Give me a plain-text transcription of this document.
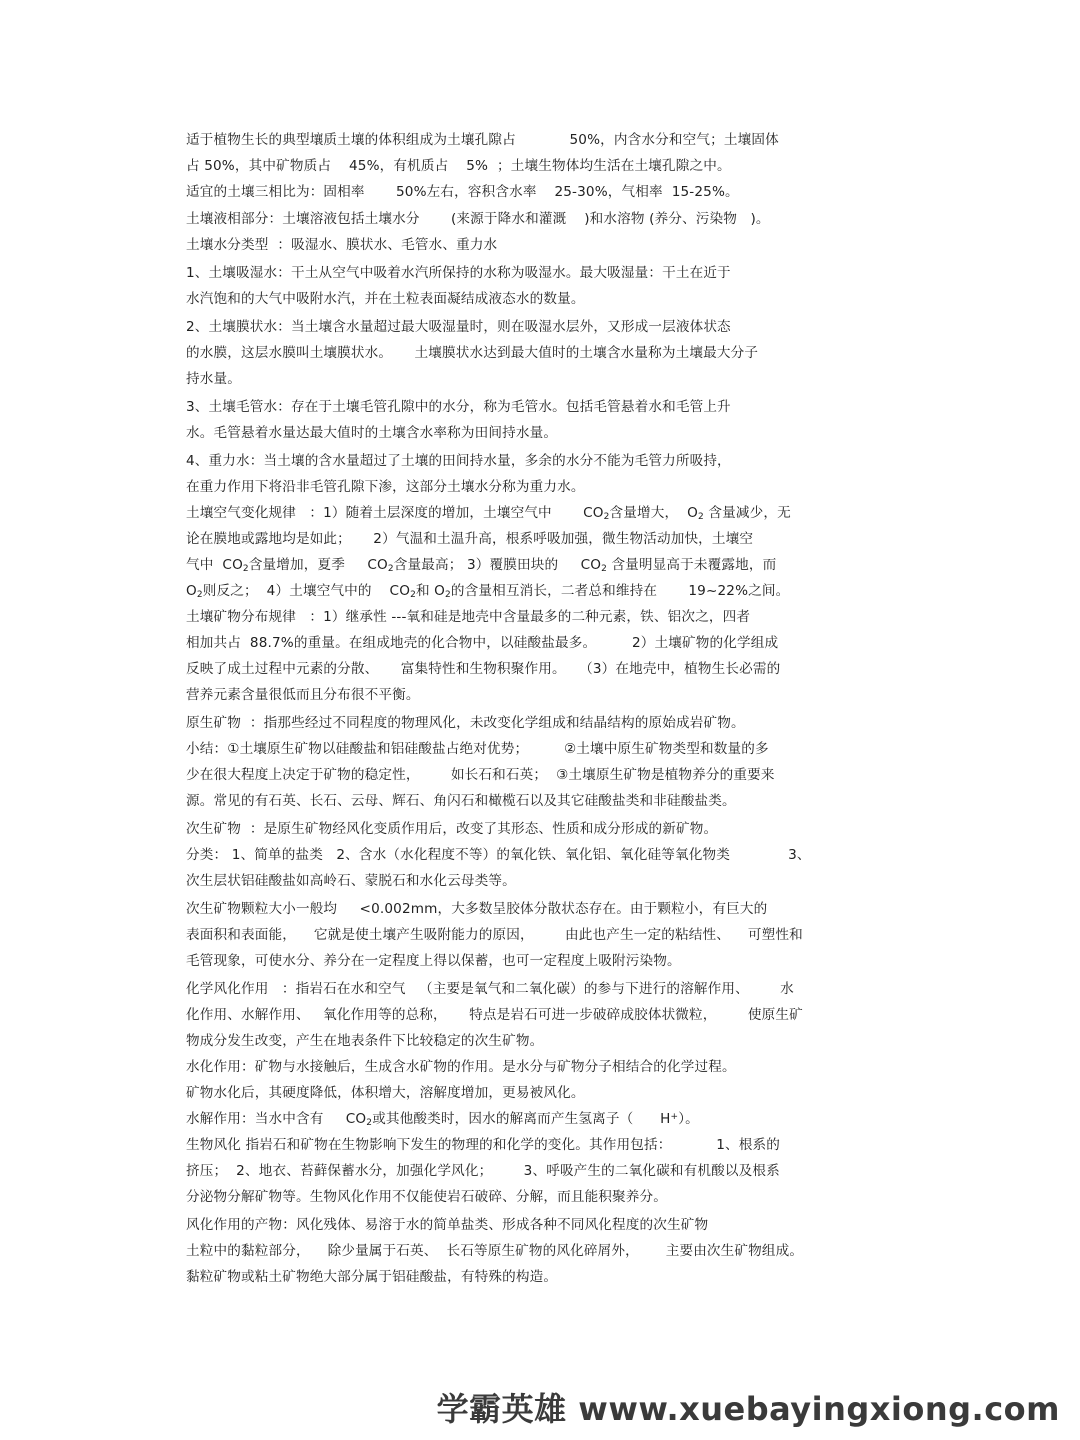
适于植物生长的典型壤质土壤的体积组成为土壤孔隙占            50%，内含水分和空气；土壤固体
占 50%，其中矿物质占    45%，有机质占    5%  ；土壤生物体均生活在土壤孔隙之中。
适宜的土壤三相比为：固相率       50%左右，容积含水率    25-30%，气相率  15-25%。
土壤液相部分：土壤溶液包括土壤水分       (来源于降水和灌溉    )和水溶物 (养分、污染物   )。
土壤水分类型  ：吸湿水、膜状水、毛管水、重力水
1、土壤吸湿水：干土从空气中吸着水汽所保持的水称为吸湿水。最大吸湿量：干土在近于
水汽饱和的大气中吸附水汽，并在土粒表面凝结成液态水的数量。
2、土壤膜状水：当土壤含水量超过最大吸湿量时，则在吸湿水层外，又形成一层液体状态
的水膜，这层水膜叫土壤膜状水。     土壤膜状水达到最大值时的土壤含水量称为土壤最大分子
持水量。
3、土壤毛管水：存在于土壤毛管孔隙中的水分，称为毛管水。包括毛管悬着水和毛管上升
水。毛管悬着水量达最大值时的土壤含水率称为田间持水量。
4、重力水：当土壤的含水量超过了土壤的田间持水量，多余的水分不能为毛管力所吸持，
在重力作用下将沿非毛管孔隙下渗，这部分土壤水分称为重力水。
土壤空气变化规律   ：1）随着土层深度的增加，土壤空气中       $CO_2$含量增大，  $O_2$ 含量减少，无
论在膜地或露地均是如此；     2）气温和土温升高，根系呼吸加强，微生物活动加快，土壤空
气中  $CO_2$含量增加，夏季     $CO_2$含量最高； 3）覆膜田块的     $CO_2$ 含量明显高于未覆露地，而
$O_2$则反之；  4）土壤空气中的    $CO_2$和 $O_2$的含量相互消长，二者总和维持在       19~22%之间。
土壤矿物分布规律   ：1）继承性 ---氧和硅是地壳中含量最多的二种元素，铁、铝次之，四者
相加共占  88.7%的重量。在组成地壳的化合物中，以硅酸盐最多。        2）土壤矿物的化学组成
反映了成土过程中元素的分散、     富集特性和生物积聚作用。   （3）在地壳中，植物生长必需的
营养元素含量很低而且分布很不平衡。
原生矿物  ：指那些经过不同程度的物理风化，未改变化学组成和结晶结构的原始成岩矿物。
小结：①土壤原生矿物以硅酸盐和铝硅酸盐占绝对优势；        ②土壤中原生矿物类型和数量的多
少在很大程度上决定于矿物的稳定性，       如长石和石英；  ③土壤原生矿物是植物养分的重要来
源。常见的有石英、长石、云母、辉石、角闪石和橄榄石以及其它硅酸盐类和非硅酸盐类。
次生矿物  ：是原生矿物经风化变质作用后，改变了其形态、性质和成分形成的新矿物。
分类： 1、简单的盐类   2、含水（水化程度不等）的氧化铁、氧化铝、氧化硅等氧化物类             3、
次生层状铝硅酸盐如高岭石、蒙脱石和水化云母类等。
次生矿物颗粒大小一般均     <0.002mm，大多数呈胶体分散状态存在。由于颗粒小，有巨大的
表面积和表面能，    它就是使土壤产生吸附能力的原因，       由此也产生一定的粘结性、    可塑性和
毛管现象，可使水分、养分在一定程度上得以保蓄，也可一定程度上吸附污染物。
化学风化作用   ：指岩石在水和空气   （主要是氧气和二氧化碳）的参与下进行的溶解作用、       水
化作用、水解作用、   氧化作用等的总称，     特点是岩石可进一步破碎成胶体状微粒，       使原生矿
物成分发生改变，产生在地表条件下比较稳定的次生矿物。
水化作用：矿物与水接触后，生成含水矿物的作用。是水分与矿物分子相结合的化学过程。
矿物水化后，其硬度降低，体积增大，溶解度增加，更易被风化。
水解作用：当水中含有     $CO_2$或其他酸类时，因水的解离而产生氢离子（      H+）。
生物风化 指岩石和矿物在生物影响下发生的物理的和化学的变化。其作用包括：          1、根系的
挤压；  2、地衣、苔藓保蓄水分，加强化学风化；       3、呼吸产生的二氧化碳和有机酸以及根系
分泌物分解矿物等。生物风化作用不仅能使岩石破碎、分解，而且能积聚养分。
风化作用的产物：风化残体、易溶于水的简单盐类、形成各种不同风化程度的次生矿物
土粒中的黏粒部分，    除少量属于石英、  长石等原生矿物的风化碎屑外，      主要由次生矿物组成。
黏粒矿物或粘土矿物绝大部分属于铝硅酸盐，有特殊的构造。
学霸英雄 www.xuebayingxiong.com
